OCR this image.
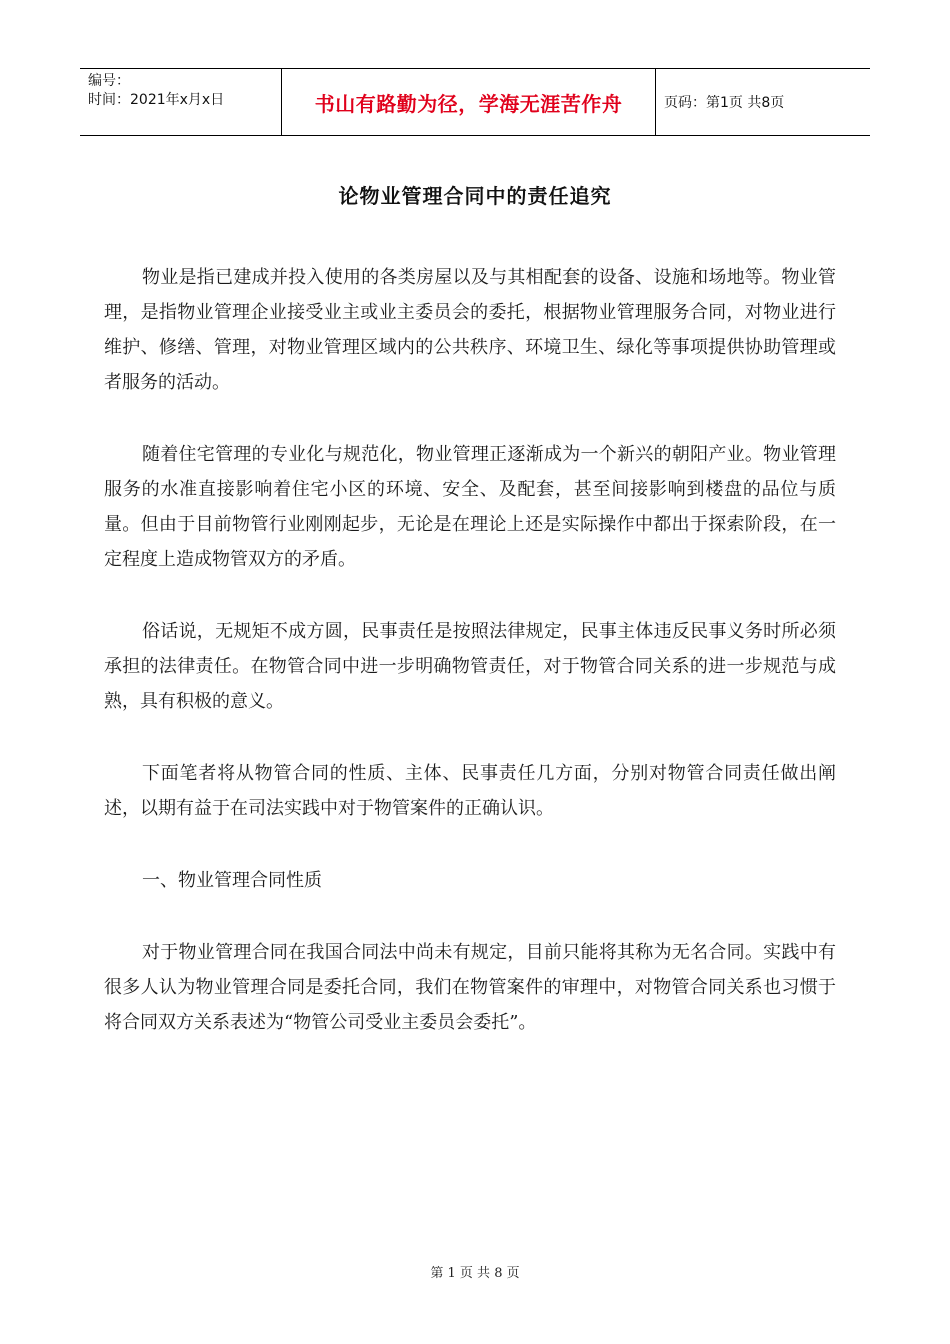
编号：
时间：2021年x月x日	书山有路勤为径，学海无涯苦作舟	页码：第1页 共8页
论物业管理合同中的责任追究

物业是指已建成并投入使用的各类房屋以及与其相配套的设备、设施和场地等。物业管理，是指物业管理企业接受业主或业主委员会的委托，根据物业管理服务合同，对物业进行维护、修缮、管理，对物业管理区域内的公共秩序、环境卫生、绿化等事项提供协助管理或者服务的活动。

随着住宅管理的专业化与规范化，物业管理正逐渐成为一个新兴的朝阳产业。物业管理服务的水准直接影响着住宅小区的环境、安全、及配套，甚至间接影响到楼盘的品位与质量。但由于目前物管行业刚刚起步，无论是在理论上还是实际操作中都出于探索阶段，在一定程度上造成物管双方的矛盾。

俗话说，无规矩不成方圆，民事责任是按照法律规定，民事主体违反民事义务时所必须承担的法律责任。在物管合同中进一步明确物管责任，对于物管合同关系的进一步规范与成熟，具有积极的意义。

下面笔者将从物管合同的性质、主体、民事责任几方面，分别对物管合同责任做出阐述，以期有益于在司法实践中对于物管案件的正确认识。

一、物业管理合同性质

对于物业管理合同在我国合同法中尚未有规定，目前只能将其称为无名合同。实践中有很多人认为物业管理合同是委托合同，我们在物管案件的审理中，对物管合同关系也习惯于将合同双方关系表述为“物管公司受业主委员会委托”。

第 1 页 共 8 页
